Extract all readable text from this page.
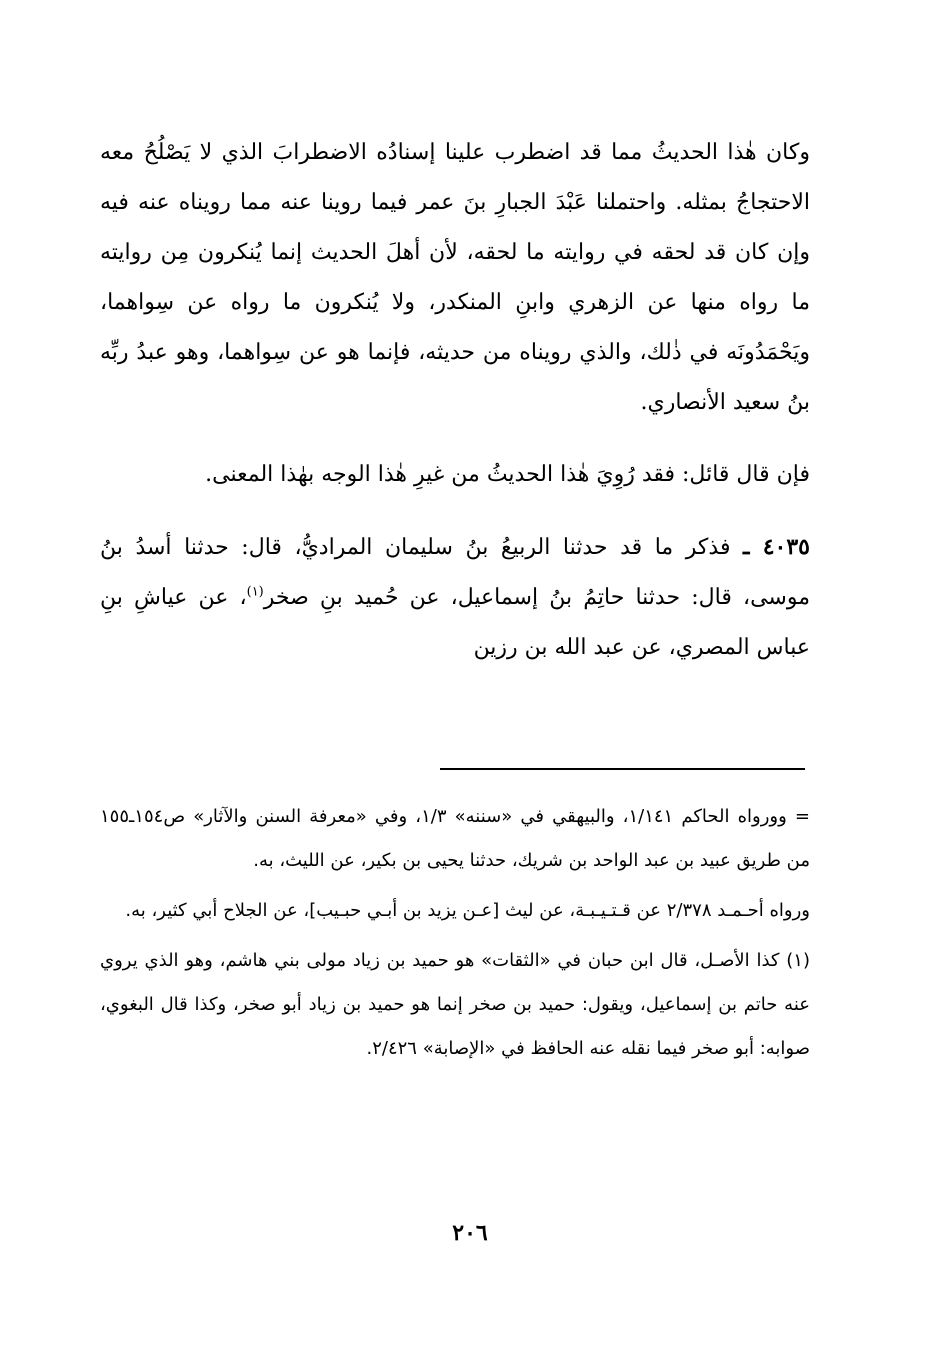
وكان هٰذا الحديثُ مما قد اضطرب علينا إسنادُه الاضطرابَ الذي لا يَصْلُحُ معه الاحتجاجُ بمثله. واحتملنا عَبْدَ الجبارِ بنَ عمر فيما روينا عنه مما رويناه عنه فيه وإن كان قد لحقه في روايته ما لحقه، لأن أهلَ الحديث إنما يُنكرون مِن روايته ما رواه منها عن الزهري وابنِ المنكدر، ولا يُنكرون ما رواه عن سِواهما، ويَحْمَدُونَه في ذٰلك، والذي رويناه من حديثه، فإنما هو عن سِواهما، وهو عبدُ ربِّه بنُ سعيد الأنصاري.

فإن قال قائل: فقد رُوِيَ هٰذا الحديثُ من غيرِ هٰذا الوجه بهٰذا المعنى.

٤٠٣٥ ـ فذكر ما قد حدثنا الربيعُ بنُ سليمان المراديُّ، قال: حدثنا أسدُ بنُ موسى، قال: حدثنا حاتِمُ بنُ إسماعيل، عن حُميد بنِ صخر$^{(١)}$، عن عياشِ بنِ عباس المصري، عن عبد الله بن رزين

= وورواه الحاكم ١/١٤١، والبيهقي في «سننه» ١/٣، وفي «معرفة السنن والآثار» ص١٥٤ـ١٥٥ من طريق عبيد بن عبد الواحد بن شريك، حدثنا يحيى بن بكير، عن الليث، به.

ورواه أحـمـد ٢/٣٧٨ عن قـتـيـبـة، عن ليث [عـن يزيد بن أبـي حبـيب]، عن الجلاح أبي كثير، به.

(١) كذا الأصـل، قال ابن حبان في «الثقات» هو حميد بن زياد مولى بني هاشم، وهو الذي يروي عنه حاتم بن إسماعيل، ويقول: حميد بن صخر إنما هو حميد بن زياد أبو صخر، وكذا قال البغوي، صوابه: أبو صخر فيما نقله عنه الحافظ في «الإصابة» ٢/٤٢٦.

٢٠٦
